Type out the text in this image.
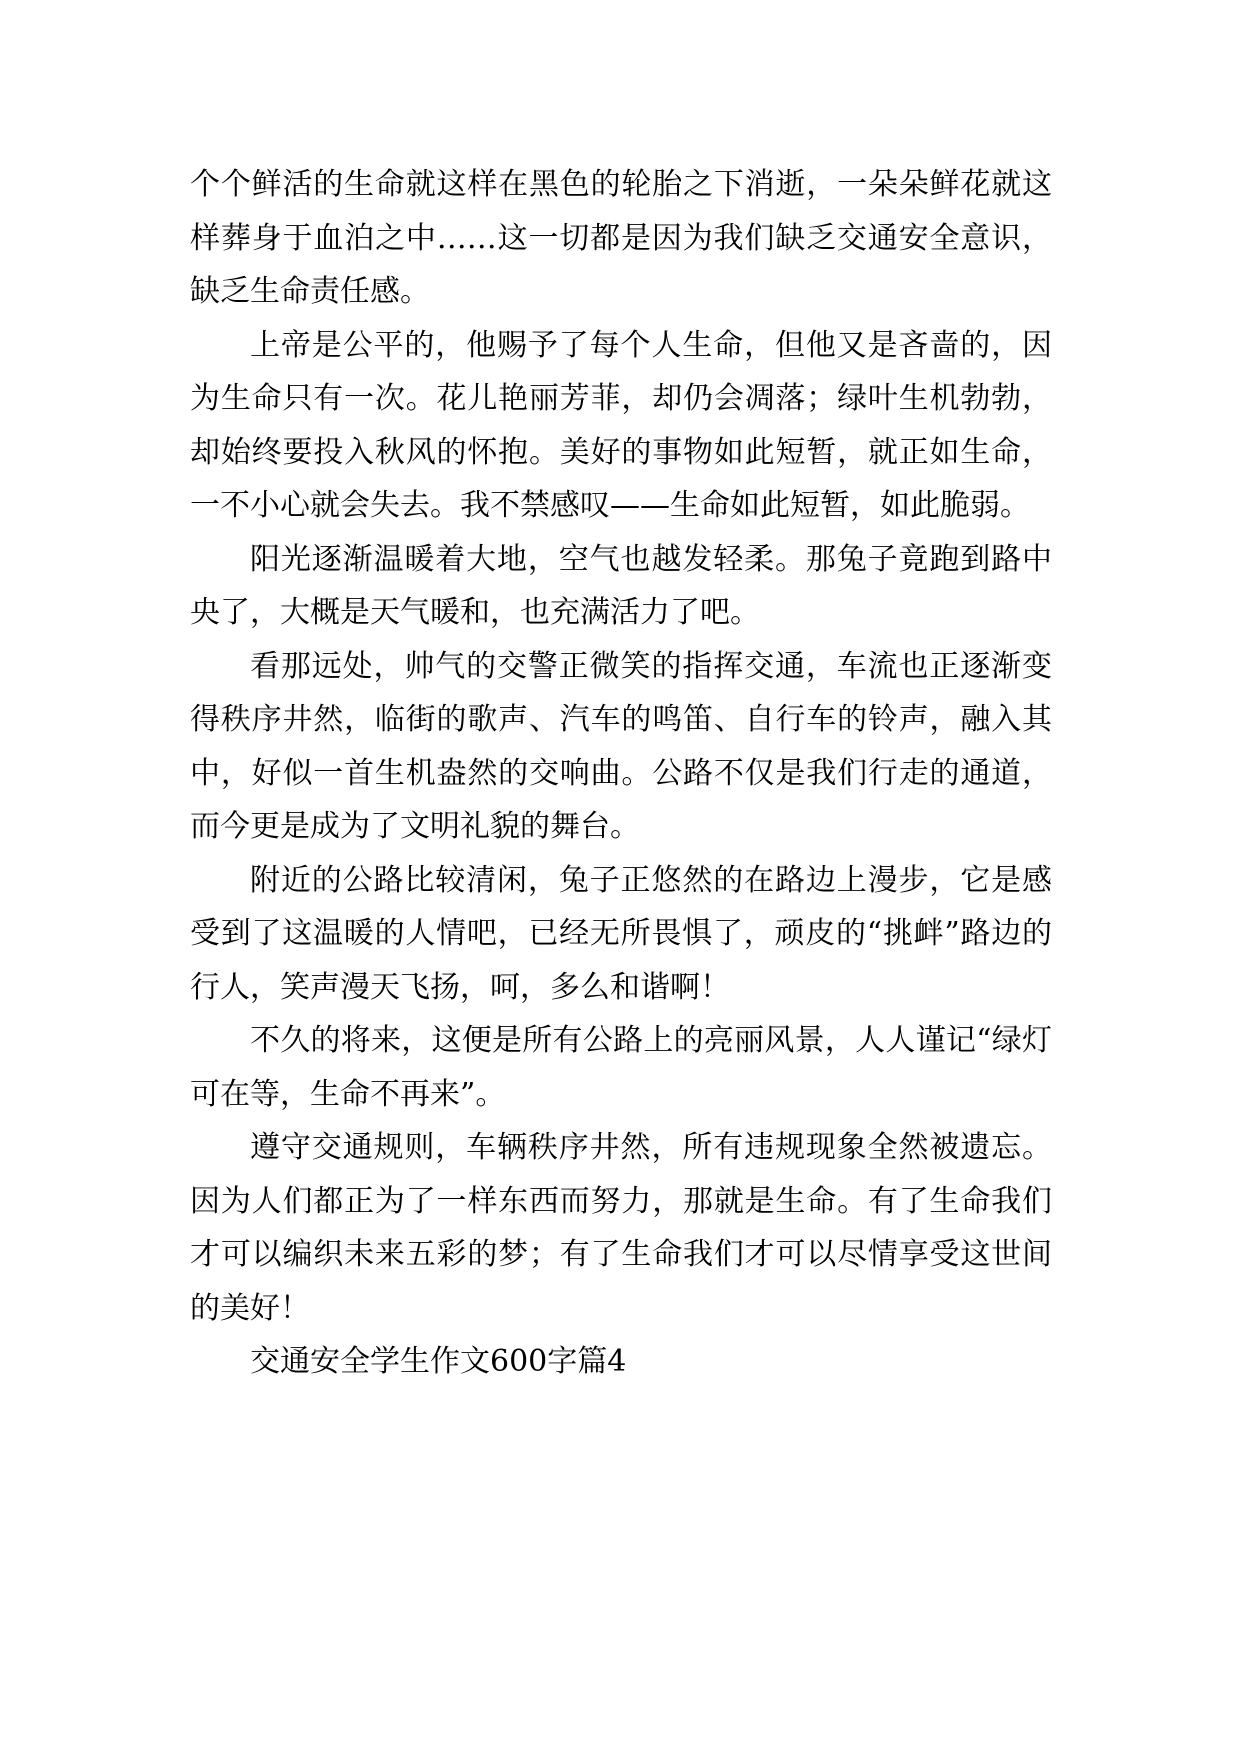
个个鲜活的生命就这样在黑色的轮胎之下消逝，一朵朵鲜花就这样葬身于血泊之中……这一切都是因为我们缺乏交通安全意识，缺乏生命责任感。

上帝是公平的，他赐予了每个人生命，但他又是吝啬的，因为生命只有一次。花儿艳丽芳菲，却仍会凋落；绿叶生机勃勃，却始终要投入秋风的怀抱。美好的事物如此短暂，就正如生命，一不小心就会失去。我不禁感叹——生命如此短暂，如此脆弱。

阳光逐渐温暖着大地，空气也越发轻柔。那兔子竟跑到路中央了，大概是天气暖和，也充满活力了吧。

看那远处，帅气的交警正微笑的指挥交通，车流也正逐渐变得秩序井然，临街的歌声、汽车的鸣笛、自行车的铃声，融入其中，好似一首生机盎然的交响曲。公路不仅是我们行走的通道，而今更是成为了文明礼貌的舞台。

附近的公路比较清闲，兔子正悠然的在路边上漫步，它是感受到了这温暖的人情吧，已经无所畏惧了，顽皮的“挑衅”路边的行人，笑声漫天飞扬，呵，多么和谐啊！

不久的将来，这便是所有公路上的亮丽风景，人人谨记“绿灯可在等，生命不再来”。

遵守交通规则，车辆秩序井然，所有违规现象全然被遗忘。因为人们都正为了一样东西而努力，那就是生命。有了生命我们才可以编织未来五彩的梦；有了生命我们才可以尽情享受这世间的美好！

交通安全学生作文600字篇4
